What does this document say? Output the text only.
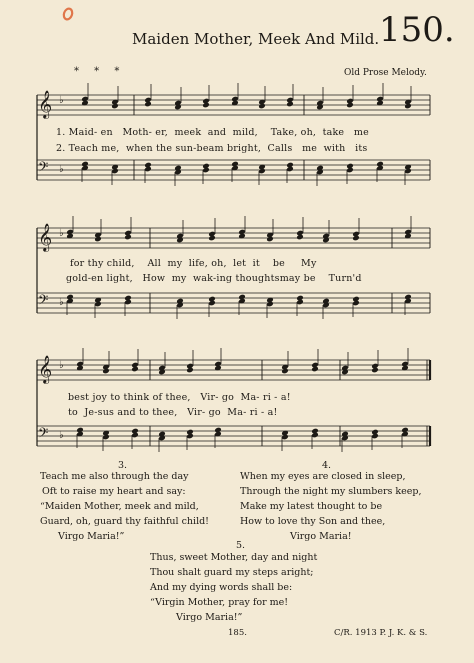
Maiden Mother, Meek And Mild. 150.
* * *	Old Prose Melody.
𝄞 ♭
𝄢 ♭
𝄞 ♭
𝄢 ♭
𝄞 ♭
𝄢 ♭
1. Maid- en Moth- er, meek and mild, Take, oh, take me
2. Teach me, when the sun-beam bright, Calls me with its
for thy child, All my life, oh, let it be My
gold-en light, How my wak-ing thoughtsmay be Turn'd
best joy to think of thee, Vir- go Ma- ri - a!
to Je-sus and to thee, Vir- go Ma- ri - a!
3.
Teach me also through the day
Oft to raise my heart and say:
“Maiden Mother, meek and mild,
Guard, oh, guard thy faithful child!
Virgo Maria!”
4.
When my eyes are closed in sleep,
Through the night my slumbers keep,
Make my latest thought to be
How to love thy Son and thee,
Virgo Maria!
5.
Thus, sweet Mother, day and night
Thou shalt guard my steps aright;
And my dying words shall be:
“Virgin Mother, pray for me!
Virgo Maria!”
185.	C/R. 1913 P. J. K. & S.
